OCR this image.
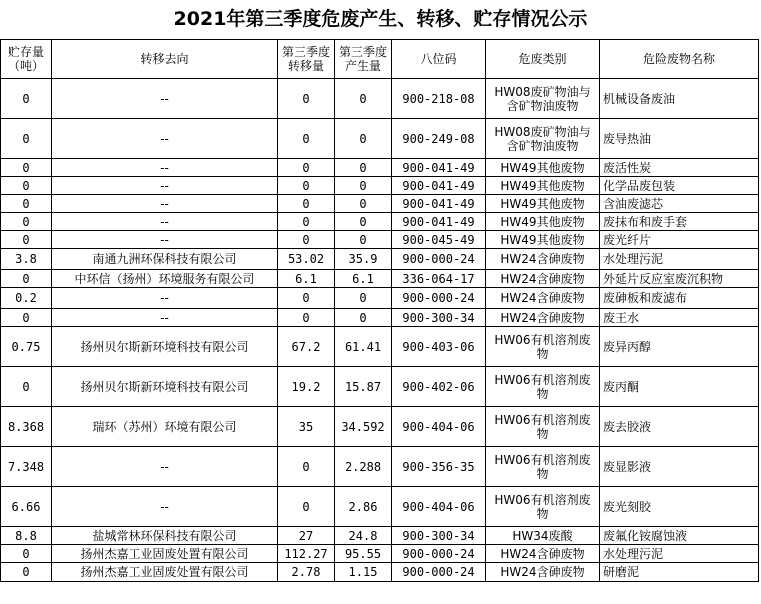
2021年第三季度危废产生、转移、贮存情况公示
贮存量（吨）	转移去向	第三季度转移量	第三季度产生量	八位码	危废类别	危险废物名称
0	--	0	0	900-218-08	HW08废矿物油与含矿物油废物	机械设备废油
0	--	0	0	900-249-08	HW08废矿物油与含矿物油废物	废导热油
0	--	0	0	900-041-49	HW49其他废物	废活性炭
0	--	0	0	900-041-49	HW49其他废物	化学品废包装
0	--	0	0	900-041-49	HW49其他废物	含油废滤芯
0	--	0	0	900-041-49	HW49其他废物	废抹布和废手套
0	--	0	0	900-045-49	HW49其他废物	废光纤片
3.8	南通九洲环保科技有限公司	53.02	35.9	900-000-24	HW24含砷废物	水处理污泥
0	中环信（扬州）环境服务有限公司	6.1	6.1	336-064-17	HW24含砷废物	外延片反应室废沉积物
0.2	--	0	0	900-000-24	HW24含砷废物	废砷板和废滤布
0	--	0	0	900-300-34	HW24含砷废物	废王水
0.75	扬州贝尔斯新环境科技有限公司	67.2	61.41	900-403-06	HW06有机溶剂废物	废异丙醇
0	扬州贝尔斯新环境科技有限公司	19.2	15.87	900-402-06	HW06有机溶剂废物	废丙酮
8.368	瑞环（苏州）环境有限公司	35	34.592	900-404-06	HW06有机溶剂废物	废去胶液
7.348	--	0	2.288	900-356-35	HW06有机溶剂废物	废显影液
6.66	--	0	2.86	900-404-06	HW06有机溶剂废物	废光刻胶
8.8	盐城常林环保科技有限公司	27	24.8	900-300-34	HW34废酸	废氟化铵腐蚀液
0	扬州杰嘉工业固废处置有限公司	112.27	95.55	900-000-24	HW24含砷废物	水处理污泥
0	扬州杰嘉工业固废处置有限公司	2.78	1.15	900-000-24	HW24含砷废物	研磨泥
